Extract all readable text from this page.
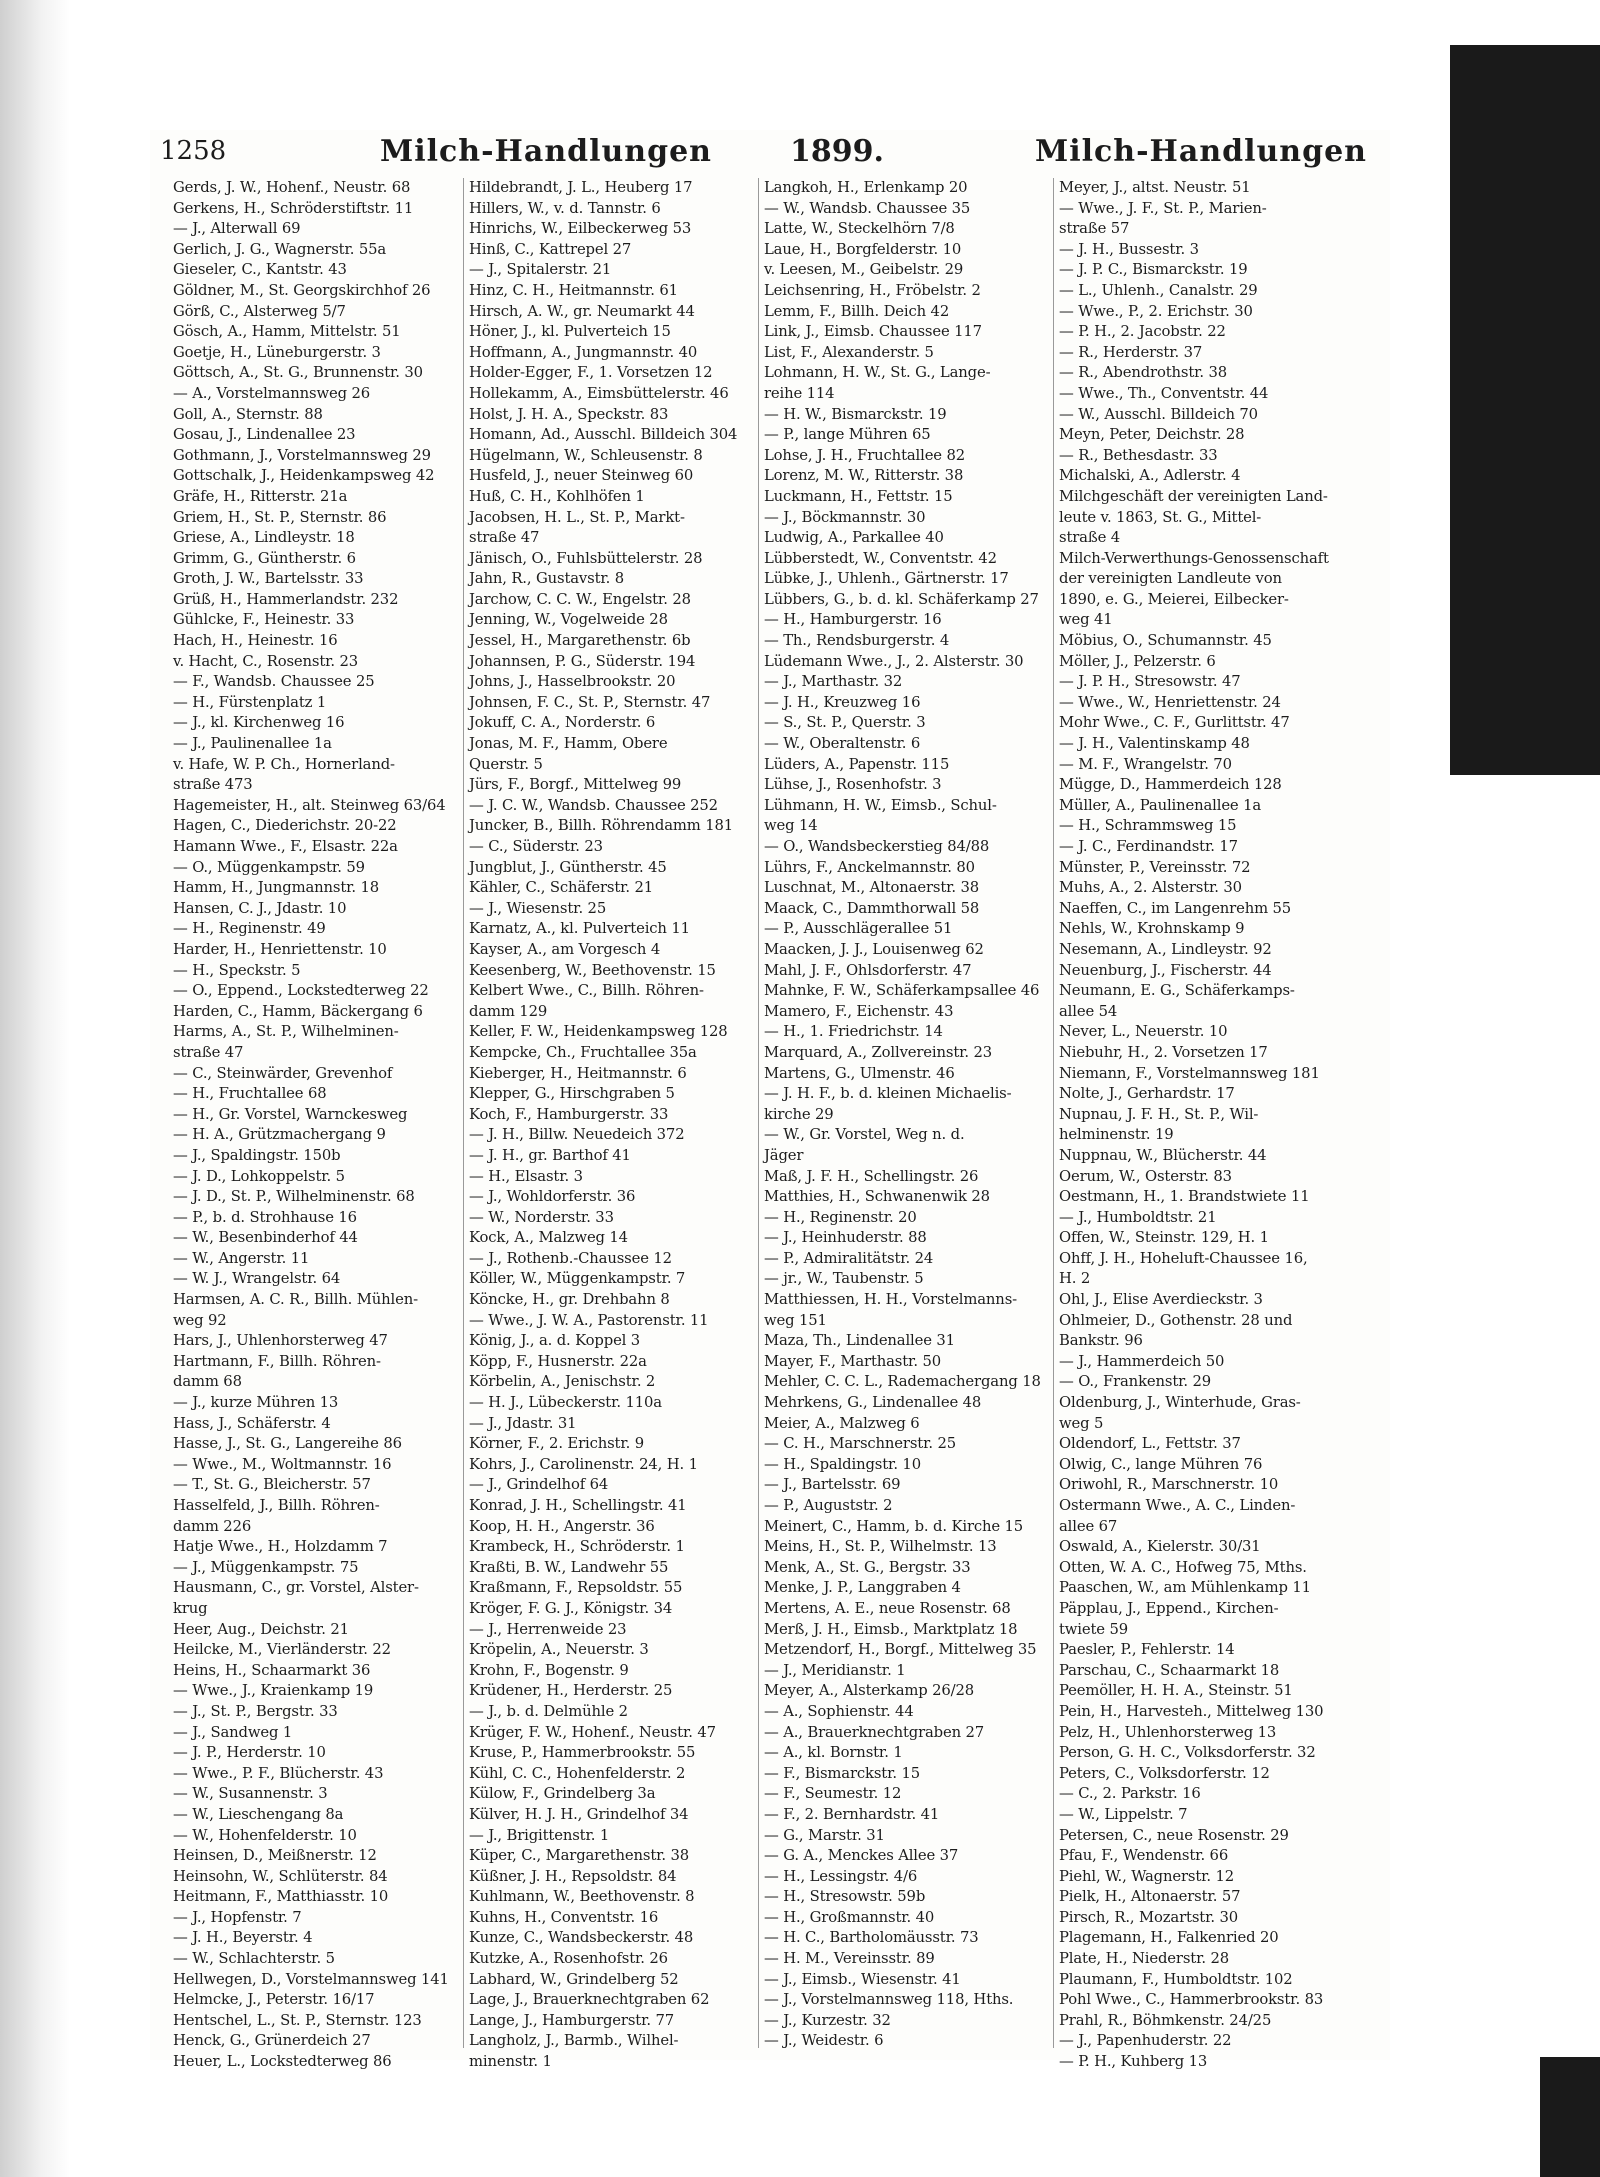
1258	Milch-Handlungen	1899.	Milch-Handlungen

Gerds, J. W., Hohenf., Neustr. 68

Gerkens, H., Schröderstiftstr. 11

— J., Alterwall 69

Gerlich, J. G., Wagnerstr. 55a

Gieseler, C., Kantstr. 43

Göldner, M., St. Georgskirchhof 26

Görß, C., Alsterweg 5/7

Gösch, A., Hamm, Mittelstr. 51

Goetje, H., Lüneburgerstr. 3

Göttsch, A., St. G., Brunnenstr. 30

— A., Vorstelmannsweg 26

Goll, A., Sternstr. 88

Gosau, J., Lindenallee 23

Gothmann, J., Vorstelmannsweg 29

Gottschalk, J., Heidenkampsweg 42

Gräfe, H., Ritterstr. 21a

Griem, H., St. P., Sternstr. 86

Griese, A., Lindleystr. 18

Grimm, G., Güntherstr. 6

Groth, J. W., Bartelsstr. 33

Grüß, H., Hammerlandstr. 232

Gühlcke, F., Heinestr. 33

Hach, H., Heinestr. 16

v. Hacht, C., Rosenstr. 23

— F., Wandsb. Chaussee 25

— H., Fürstenplatz 1

— J., kl. Kirchenweg 16

— J., Paulinenallee 1a

v. Hafe, W. P. Ch., Hornerland-

straße 473

Hagemeister, H., alt. Steinweg 63/64

Hagen, C., Diederichstr. 20-22

Hamann Wwe., F., Elsastr. 22a

— O., Müggenkampstr. 59

Hamm, H., Jungmannstr. 18

Hansen, C. J., Jdastr. 10

— H., Reginenstr. 49

Harder, H., Henriettenstr. 10

— H., Speckstr. 5

— O., Eppend., Lockstedterweg 22

Harden, C., Hamm, Bäckergang 6

Harms, A., St. P., Wilhelminen-

straße 47

— C., Steinwärder, Grevenhof

— H., Fruchtallee 68

— H., Gr. Vorstel, Warnckesweg

— H. A., Grützmachergang 9

— J., Spaldingstr. 150b

— J. D., Lohkoppelstr. 5

— J. D., St. P., Wilhelminenstr. 68

— P., b. d. Strohhause 16

— W., Besenbinderhof 44

— W., Angerstr. 11

— W. J., Wrangelstr. 64

Harmsen, A. C. R., Billh. Mühlen-

weg 92

Hars, J., Uhlenhorsterweg 47

Hartmann, F., Billh. Röhren-

damm 68

— J., kurze Mühren 13

Hass, J., Schäferstr. 4

Hasse, J., St. G., Langereihe 86

— Wwe., M., Woltmannstr. 16

— T., St. G., Bleicherstr. 57

Hasselfeld, J., Billh. Röhren-

damm 226

Hatje Wwe., H., Holzdamm 7

— J., Müggenkampstr. 75

Hausmann, C., gr. Vorstel, Alster-

krug

Heer, Aug., Deichstr. 21

Heilcke, M., Vierländerstr. 22

Heins, H., Schaarmarkt 36

— Wwe., J., Kraienkamp 19

— J., St. P., Bergstr. 33

— J., Sandweg 1

— J. P., Herderstr. 10

— Wwe., P. F., Blücherstr. 43

— W., Susannenstr. 3

— W., Lieschengang 8a

— W., Hohenfelderstr. 10

Heinsen, D., Meißnerstr. 12

Heinsohn, W., Schlüterstr. 84

Heitmann, F., Matthiasstr. 10

— J., Hopfenstr. 7

— J. H., Beyerstr. 4

— W., Schlachterstr. 5

Hellwegen, D., Vorstelmannsweg 141

Helmcke, J., Peterstr. 16/17

Hentschel, L., St. P., Sternstr. 123

Henck, G., Grünerdeich 27

Heuer, L., Lockstedterweg 86

Hildebrandt, J. L., Heuberg 17

Hillers, W., v. d. Tannstr. 6

Hinrichs, W., Eilbeckerweg 53

Hinß, C., Kattrepel 27

— J., Spitalerstr. 21

Hinz, C. H., Heitmannstr. 61

Hirsch, A. W., gr. Neumarkt 44

Höner, J., kl. Pulverteich 15

Hoffmann, A., Jungmannstr. 40

Holder-Egger, F., 1. Vorsetzen 12

Hollekamm, A., Eimsbüttelerstr. 46

Holst, J. H. A., Speckstr. 83

Homann, Ad., Ausschl. Billdeich 304

Hügelmann, W., Schleusenstr. 8

Husfeld, J., neuer Steinweg 60

Huß, C. H., Kohlhöfen 1

Jacobsen, H. L., St. P., Markt-

straße 47

Jänisch, O., Fuhlsbüttelerstr. 28

Jahn, R., Gustavstr. 8

Jarchow, C. C. W., Engelstr. 28

Jenning, W., Vogelweide 28

Jessel, H., Margarethenstr. 6b

Johannsen, P. G., Süderstr. 194

Johns, J., Hasselbrookstr. 20

Johnsen, F. C., St. P., Sternstr. 47

Jokuff, C. A., Norderstr. 6

Jonas, M. F., Hamm, Obere

Querstr. 5

Jürs, F., Borgf., Mittelweg 99

— J. C. W., Wandsb. Chaussee 252

Juncker, B., Billh. Röhrendamm 181

— C., Süderstr. 23

Jungblut, J., Güntherstr. 45

Kähler, C., Schäferstr. 21

— J., Wiesenstr. 25

Karnatz, A., kl. Pulverteich 11

Kayser, A., am Vorgesch 4

Keesenberg, W., Beethovenstr. 15

Kelbert Wwe., C., Billh. Röhren-

damm 129

Keller, F. W., Heidenkampsweg 128

Kempcke, Ch., Fruchtallee 35a

Kieberger, H., Heitmannstr. 6

Klepper, G., Hirschgraben 5

Koch, F., Hamburgerstr. 33

— J. H., Billw. Neuedeich 372

— J. H., gr. Barthof 41

— H., Elsastr. 3

— J., Wohldorferstr. 36

— W., Norderstr. 33

Kock, A., Malzweg 14

— J., Rothenb.-Chaussee 12

Köller, W., Müggenkampstr. 7

Köncke, H., gr. Drehbahn 8

— Wwe., J. W. A., Pastorenstr. 11

König, J., a. d. Koppel 3

Köpp, F., Husnerstr. 22a

Körbelin, A., Jenischstr. 2

— H. J., Lübeckerstr. 110a

— J., Jdastr. 31

Körner, F., 2. Erichstr. 9

Kohrs, J., Carolinenstr. 24, H. 1

— J., Grindelhof 64

Konrad, J. H., Schellingstr. 41

Koop, H. H., Angerstr. 36

Krambeck, H., Schröderstr. 1

Kraßti, B. W., Landwehr 55

Kraßmann, F., Repsoldstr. 55

Kröger, F. G. J., Königstr. 34

— J., Herrenweide 23

Kröpelin, A., Neuerstr. 3

Krohn, F., Bogenstr. 9

Krüdener, H., Herderstr. 25

— J., b. d. Delmühle 2

Krüger, F. W., Hohenf., Neustr. 47

Kruse, P., Hammerbrookstr. 55

Kühl, C. C., Hohenfelderstr. 2

Külow, F., Grindelberg 3a

Külver, H. J. H., Grindelhof 34

— J., Brigittenstr. 1

Küper, C., Margarethenstr. 38

Küßner, J. H., Repsoldstr. 84

Kuhlmann, W., Beethovenstr. 8

Kuhns, H., Conventstr. 16

Kunze, C., Wandsbeckerstr. 48

Kutzke, A., Rosenhofstr. 26

Labhard, W., Grindelberg 52

Lage, J., Brauerknechtgraben 62

Lange, J., Hamburgerstr. 77

Langholz, J., Barmb., Wilhel-

minenstr. 1

Langkoh, H., Erlenkamp 20

— W., Wandsb. Chaussee 35

Latte, W., Steckelhörn 7/8

Laue, H., Borgfelderstr. 10

v. Leesen, M., Geibelstr. 29

Leichsenring, H., Fröbelstr. 2

Lemm, F., Billh. Deich 42

Link, J., Eimsb. Chaussee 117

List, F., Alexanderstr. 5

Lohmann, H. W., St. G., Lange-

reihe 114

— H. W., Bismarckstr. 19

— P., lange Mühren 65

Lohse, J. H., Fruchtallee 82

Lorenz, M. W., Ritterstr. 38

Luckmann, H., Fettstr. 15

— J., Böckmannstr. 30

Ludwig, A., Parkallee 40

Lübberstedt, W., Conventstr. 42

Lübke, J., Uhlenh., Gärtnerstr. 17

Lübbers, G., b. d. kl. Schäferkamp 27

— H., Hamburgerstr. 16

— Th., Rendsburgerstr. 4

Lüdemann Wwe., J., 2. Alsterstr. 30

— J., Marthastr. 32

— J. H., Kreuzweg 16

— S., St. P., Querstr. 3

— W., Oberaltenstr. 6

Lüders, A., Papenstr. 115

Lühse, J., Rosenhofstr. 3

Lühmann, H. W., Eimsb., Schul-

weg 14

— O., Wandsbeckerstieg 84/88

Lührs, F., Anckelmannstr. 80

Luschnat, M., Altonaerstr. 38

Maack, C., Dammthorwall 58

— P., Ausschlägerallee 51

Maacken, J. J., Louisenweg 62

Mahl, J. F., Ohlsdorferstr. 47

Mahnke, F. W., Schäferkampsallee 46

Mamero, F., Eichenstr. 43

— H., 1. Friedrichstr. 14

Marquard, A., Zollvereinstr. 23

Martens, G., Ulmenstr. 46

— J. H. F., b. d. kleinen Michaelis-

kirche 29

— W., Gr. Vorstel, Weg n. d.

Jäger

Maß, J. F. H., Schellingstr. 26

Matthies, H., Schwanenwik 28

— H., Reginenstr. 20

— J., Heinhuderstr. 88

— P., Admiralitätstr. 24

— jr., W., Taubenstr. 5

Matthiessen, H. H., Vorstelmanns-

weg 151

Maza, Th., Lindenallee 31

Mayer, F., Marthastr. 50

Mehler, C. C. L., Rademachergang 18

Mehrkens, G., Lindenallee 48

Meier, A., Malzweg 6

— C. H., Marschnerstr. 25

— H., Spaldingstr. 10

— J., Bartelsstr. 69

— P., Auguststr. 2

Meinert, C., Hamm, b. d. Kirche 15

Meins, H., St. P., Wilhelmstr. 13

Menk, A., St. G., Bergstr. 33

Menke, J. P., Langgraben 4

Mertens, A. E., neue Rosenstr. 68

Merß, J. H., Eimsb., Marktplatz 18

Metzendorf, H., Borgf., Mittelweg 35

— J., Meridianstr. 1

Meyer, A., Alsterkamp 26/28

— A., Sophienstr. 44

— A., Brauerknechtgraben 27

— A., kl. Bornstr. 1

— F., Bismarckstr. 15

— F., Seumestr. 12

— F., 2. Bernhardstr. 41

— G., Marstr. 31

— G. A., Menckes Allee 37

— H., Lessingstr. 4/6

— H., Stresowstr. 59b

— H., Großmannstr. 40

— H. C., Bartholomäusstr. 73

— H. M., Vereinsstr. 89

— J., Eimsb., Wiesenstr. 41

— J., Vorstelmannsweg 118, Hths.

— J., Kurzestr. 32

— J., Weidestr. 6

Meyer, J., altst. Neustr. 51

— Wwe., J. F., St. P., Marien-

straße 57

— J. H., Bussestr. 3

— J. P. C., Bismarckstr. 19

— L., Uhlenh., Canalstr. 29

— Wwe., P., 2. Erichstr. 30

— P. H., 2. Jacobstr. 22

— R., Herderstr. 37

— R., Abendrothstr. 38

— Wwe., Th., Conventstr. 44

— W., Ausschl. Billdeich 70

Meyn, Peter, Deichstr. 28

— R., Bethesdastr. 33

Michalski, A., Adlerstr. 4

Milchgeschäft der vereinigten Land-

leute v. 1863, St. G., Mittel-

straße 4

Milch-Verwerthungs-Genossenschaft

der vereinigten Landleute von

1890, e. G., Meierei, Eilbecker-

weg 41

Möbius, O., Schumannstr. 45

Möller, J., Pelzerstr. 6

— J. P. H., Stresowstr. 47

— Wwe., W., Henriettenstr. 24

Mohr Wwe., C. F., Gurlittstr. 47

— J. H., Valentinskamp 48

— M. F., Wrangelstr. 70

Mügge, D., Hammerdeich 128

Müller, A., Paulinenallee 1a

— H., Schrammsweg 15

— J. C., Ferdinandstr. 17

Münster, P., Vereinsstr. 72

Muhs, A., 2. Alsterstr. 30

Naeffen, C., im Langenrehm 55

Nehls, W., Krohnskamp 9

Nesemann, A., Lindleystr. 92

Neuenburg, J., Fischerstr. 44

Neumann, E. G., Schäferkamps-

allee 54

Never, L., Neuerstr. 10

Niebuhr, H., 2. Vorsetzen 17

Niemann, F., Vorstelmannsweg 181

Nolte, J., Gerhardstr. 17

Nupnau, J. F. H., St. P., Wil-

helminenstr. 19

Nuppnau, W., Blücherstr. 44

Oerum, W., Osterstr. 83

Oestmann, H., 1. Brandstwiete 11

— J., Humboldtstr. 21

Offen, W., Steinstr. 129, H. 1

Ohff, J. H., Hoheluft-Chaussee 16,

H. 2

Ohl, J., Elise Averdieckstr. 3

Ohlmeier, D., Gothenstr. 28 und

Bankstr. 96

— J., Hammerdeich 50

— O., Frankenstr. 29

Oldenburg, J., Winterhude, Gras-

weg 5

Oldendorf, L., Fettstr. 37

Olwig, C., lange Mühren 76

Oriwohl, R., Marschnerstr. 10

Ostermann Wwe., A. C., Linden-

allee 67

Oswald, A., Kielerstr. 30/31

Otten, W. A. C., Hofweg 75, Mths.

Paaschen, W., am Mühlenkamp 11

Päpplau, J., Eppend., Kirchen-

twiete 59

Paesler, P., Fehlerstr. 14

Parschau, C., Schaarmarkt 18

Peemöller, H. H. A., Steinstr. 51

Pein, H., Harvesteh., Mittelweg 130

Pelz, H., Uhlenhorsterweg 13

Person, G. H. C., Volksdorferstr. 32

Peters, C., Volksdorferstr. 12

— C., 2. Parkstr. 16

— W., Lippelstr. 7

Petersen, C., neue Rosenstr. 29

Pfau, F., Wendenstr. 66

Piehl, W., Wagnerstr. 12

Pielk, H., Altonaerstr. 57

Pirsch, R., Mozartstr. 30

Plagemann, H., Falkenried 20

Plate, H., Niederstr. 28

Plaumann, F., Humboldtstr. 102

Pohl Wwe., C., Hammerbrookstr. 83

Prahl, R., Böhmkenstr. 24/25

— J., Papenhuderstr. 22

— P. H., Kuhberg 13
